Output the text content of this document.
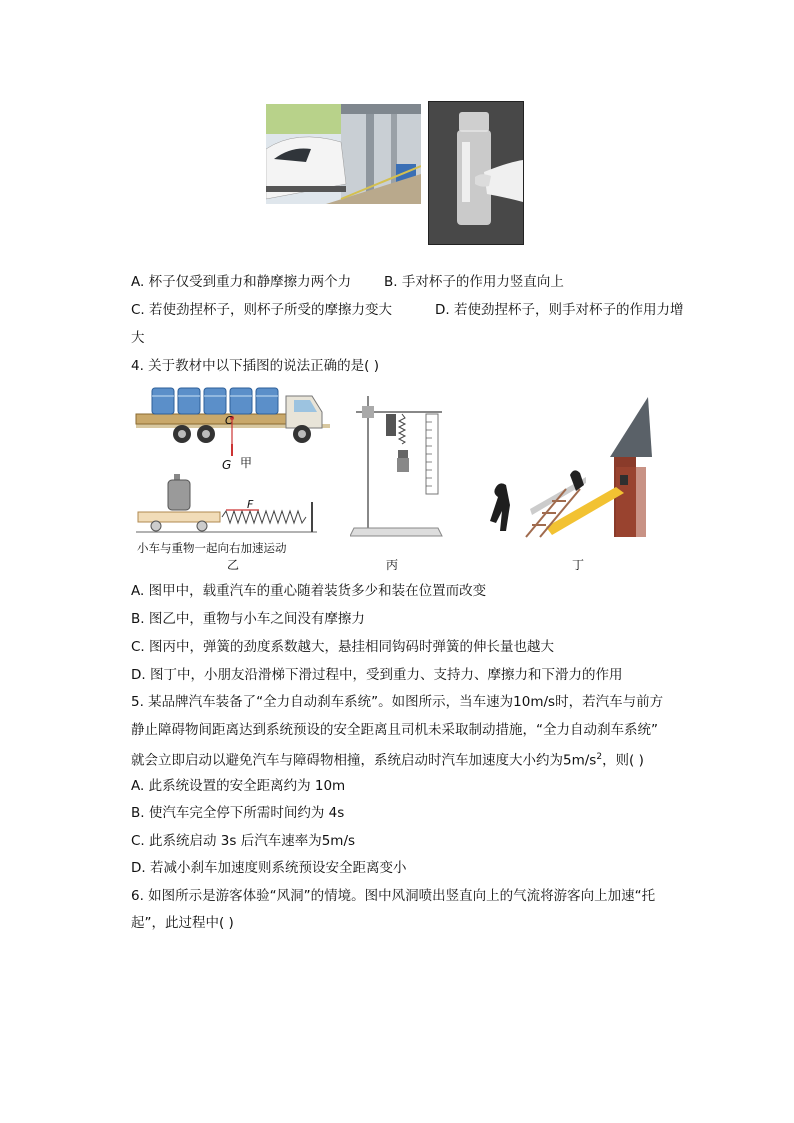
A. 杯子仅受到重力和静摩擦力两个力 B. 手对杯子的作用力竖直向上
C. 若使劲捏杯子，则杯子所受的摩擦力变大	D. 若使劲捏杯子，则手对杯子的作用力增
大
4. 关于教材中以下插图的说法正确的是( )
C
G 甲
F
小车与重物一起向右加速运动
乙	丙	丁
A. 图甲中，载重汽车的重心随着装货多少和装在位置而改变
B. 图乙中，重物与小车之间没有摩擦力
C. 图丙中，弹簧的劲度系数越大，悬挂相同钩码时弹簧的伸长量也越大
D. 图丁中，小朋友沿滑梯下滑过程中，受到重力、支持力、摩擦力和下滑力的作用
5. 某品牌汽车装备了“全力自动刹车系统”。如图所示，当车速为10m/s时，若汽车与前方
静止障碍物间距离达到系统预设的安全距离且司机未采取制动措施，“全力自动刹车系统”
就会立即启动以避免汽车与障碍物相撞，系统启动时汽车加速度大小约为$5m/s^2$，则( )
A. 此系统设置的安全距离约为 10m
B. 使汽车完全停下所需时间约为 4s
C. 此系统启动 3s 后汽车速率为5m/s
D. 若减小刹车加速度则系统预设安全距离变小
6. 如图所示是游客体验“风洞”的情境。图中风洞喷出竖直向上的气流将游客向上加速“托
起”，此过程中( )
